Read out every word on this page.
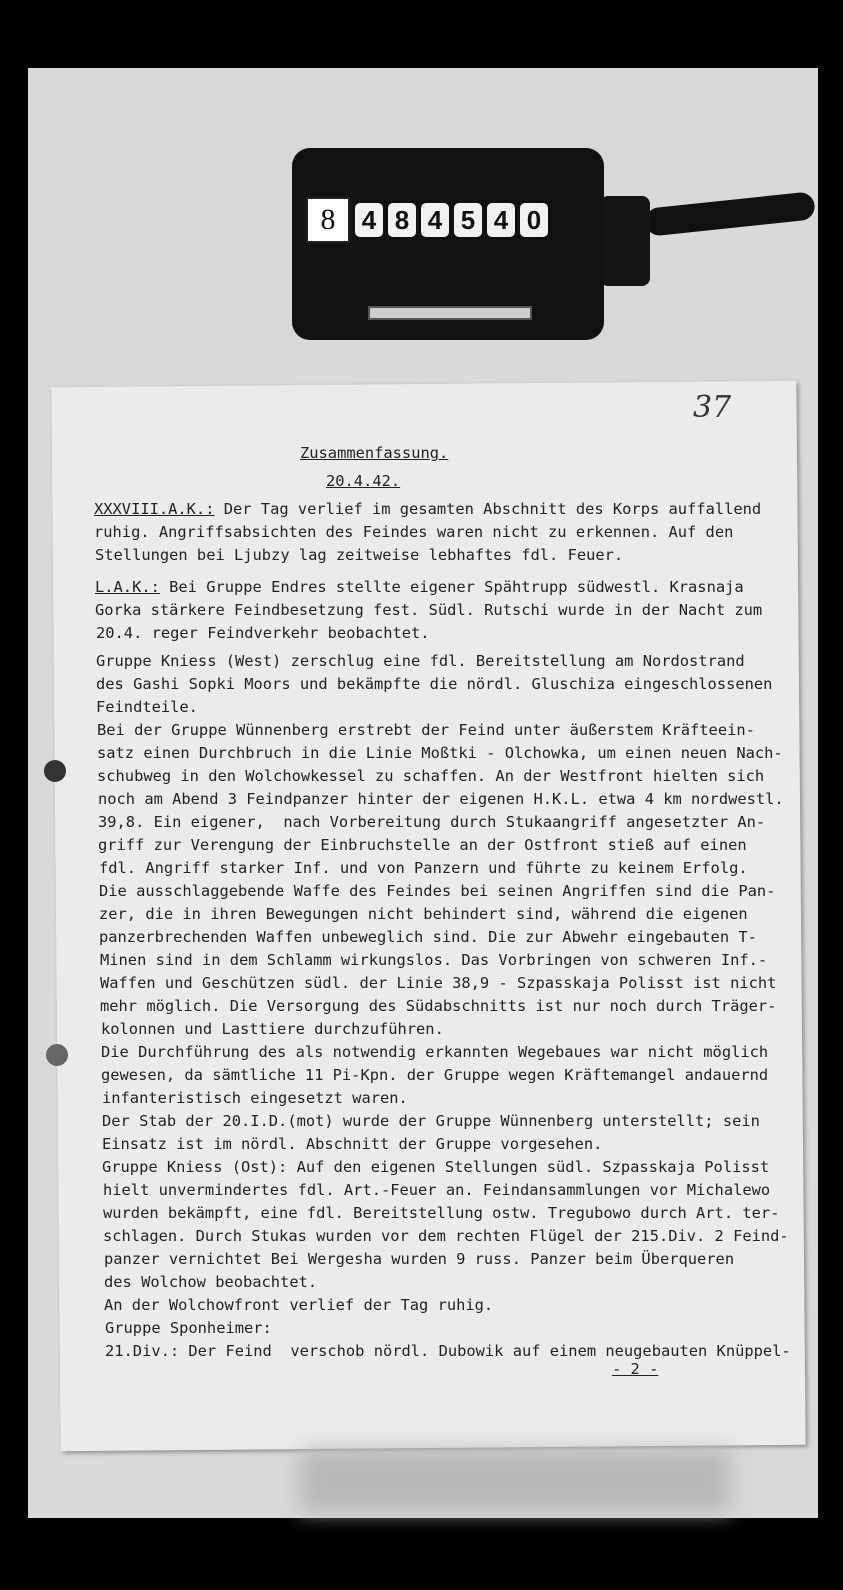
8	4 8 4 5 4 0
37
Zusammenfassung.
20.4.42.
XXXVIII.A.K.: Der Tag verlief im gesamten Abschnitt des Korps auffallend
ruhig. Angriffsabsichten des Feindes waren nicht zu erkennen. Auf den
Stellungen bei Ljubzy lag zeitweise lebhaftes fdl. Feuer.
L.A.K.: Bei Gruppe Endres stellte eigener Spähtrupp südwestl. Krasnaja
Gorka stärkere Feindbesetzung fest. Südl. Rutschi wurde in der Nacht zum
20.4. reger Feindverkehr beobachtet.
Gruppe Kniess (West) zerschlug eine fdl. Bereitstellung am Nordostrand
des Gashi Sopki Moors und bekämpfte die nördl. Gluschiza eingeschlossenen
Feindteile.
Bei der Gruppe Wünnenberg erstrebt der Feind unter äußerstem Kräfteein-
satz einen Durchbruch in die Linie Moßtki - Olchowka, um einen neuen Nach-
schubweg in den Wolchowkessel zu schaffen. An der Westfront hielten sich
noch am Abend 3 Feindpanzer hinter der eigenen H.K.L. etwa 4 km nordwestl.
39,8. Ein eigener,  nach Vorbereitung durch Stukaangriff angesetzter An-
griff zur Verengung der Einbruchstelle an der Ostfront stieß auf einen
fdl. Angriff starker Inf. und von Panzern und führte zu keinem Erfolg.
Die ausschlaggebende Waffe des Feindes bei seinen Angriffen sind die Pan-
zer, die in ihren Bewegungen nicht behindert sind, während die eigenen
panzerbrechenden Waffen unbeweglich sind. Die zur Abwehr eingebauten T-
Minen sind in dem Schlamm wirkungslos. Das Vorbringen von schweren Inf.-
Waffen und Geschützen südl. der Linie 38,9 - Szpasskaja Polisst ist nicht
mehr möglich. Die Versorgung des Südabschnitts ist nur noch durch Träger-
kolonnen und Lasttiere durchzuführen.
Die Durchführung des als notwendig erkannten Wegebaues war nicht möglich
gewesen, da sämtliche 11 Pi-Kpn. der Gruppe wegen Kräftemangel andauernd
infanteristisch eingesetzt waren.
Der Stab der 20.I.D.(mot) wurde der Gruppe Wünnenberg unterstellt; sein
Einsatz ist im nördl. Abschnitt der Gruppe vorgesehen.
Gruppe Kniess (Ost): Auf den eigenen Stellungen südl. Szpasskaja Polisst
hielt unvermindertes fdl. Art.-Feuer an. Feindansammlungen vor Michalewo
wurden bekämpft, eine fdl. Bereitstellung ostw. Tregubowo durch Art. ter-
schlagen. Durch Stukas wurden vor dem rechten Flügel der 215.Div. 2 Feind-
panzer vernichtet Bei Wergesha wurden 9 russ. Panzer beim Überqueren
des Wolchow beobachtet.
An der Wolchowfront verlief der Tag ruhig.
Gruppe Sponheimer:
21.Div.: Der Feind  verschob nördl. Dubowik auf einem neugebauten Knüppel-
- 2 -
